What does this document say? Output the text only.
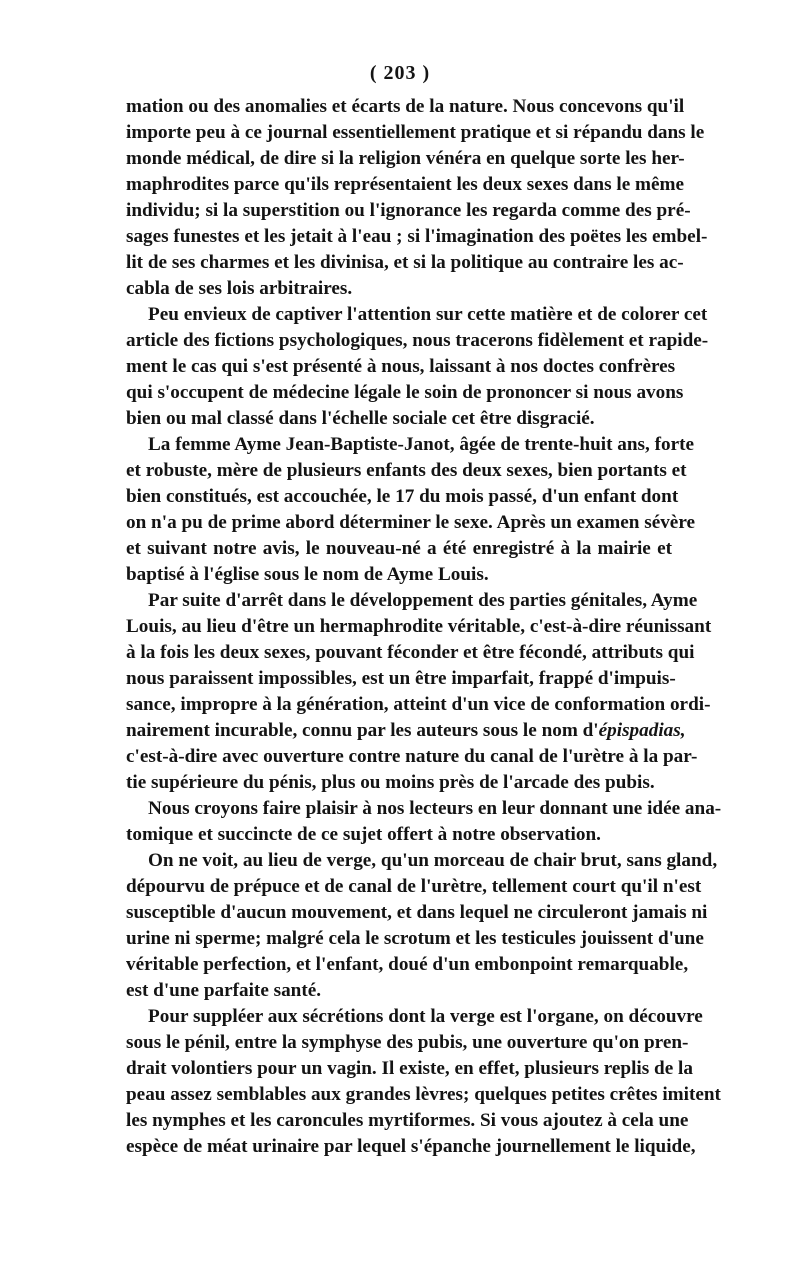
( 203 )
mation ou des anomalies et écarts de la nature. Nous concevons qu'il
importe peu à ce journal essentiellement pratique et si répandu dans le
monde médical, de dire si la religion vénéra en quelque sorte les her-
maphrodites parce qu'ils représentaient les deux sexes dans le même
individu; si la superstition ou l'ignorance les regarda comme des pré-
sages funestes et les jetait à l'eau ; si l'imagination des poëtes les embel-
lit de ses charmes et les divinisa, et si la politique au contraire les ac-
cabla de ses lois arbitraires.
Peu envieux de captiver l'attention sur cette matière et de colorer cet
article des fictions psychologiques, nous tracerons fidèlement et rapide-
ment le cas qui s'est présenté à nous, laissant à nos doctes confrères
qui s'occupent de médecine légale le soin de prononcer si nous avons
bien ou mal classé dans l'échelle sociale cet être disgracié.
La femme Ayme Jean-Baptiste-Janot, âgée de trente-huit ans, forte
et robuste, mère de plusieurs enfants des deux sexes, bien portants et
bien constitués, est accouchée, le 17 du mois passé, d'un enfant dont
on n'a pu de prime abord déterminer le sexe. Après un examen sévère
et suivant notre avis, le nouveau-né a été enregistré à la mairie et
baptisé à l'église sous le nom de Ayme Louis.
Par suite d'arrêt dans le développement des parties génitales, Ayme
Louis, au lieu d'être un hermaphrodite véritable, c'est-à-dire réunissant
à la fois les deux sexes, pouvant féconder et être fécondé, attributs qui
nous paraissent impossibles, est un être imparfait, frappé d'impuis-
sance, impropre à la génération, atteint d'un vice de conformation ordi-
nairement incurable, connu par les auteurs sous le nom d'épispadias,
c'est-à-dire avec ouverture contre nature du canal de l'urètre à la par-
tie supérieure du pénis, plus ou moins près de l'arcade des pubis.
Nous croyons faire plaisir à nos lecteurs en leur donnant une idée ana-
tomique et succincte de ce sujet offert à notre observation.
On ne voit, au lieu de verge, qu'un morceau de chair brut, sans gland,
dépourvu de prépuce et de canal de l'urètre, tellement court qu'il n'est
susceptible d'aucun mouvement, et dans lequel ne circuleront jamais ni
urine ni sperme; malgré cela le scrotum et les testicules jouissent d'une
véritable perfection, et l'enfant, doué d'un embonpoint remarquable,
est d'une parfaite santé.
Pour suppléer aux sécrétions dont la verge est l'organe, on découvre
sous le pénil, entre la symphyse des pubis, une ouverture qu'on pren-
drait volontiers pour un vagin. Il existe, en effet, plusieurs replis de la
peau assez semblables aux grandes lèvres; quelques petites crêtes imitent
les nymphes et les caroncules myrtiformes. Si vous ajoutez à cela une
espèce de méat urinaire par lequel s'épanche journellement le liquide,
